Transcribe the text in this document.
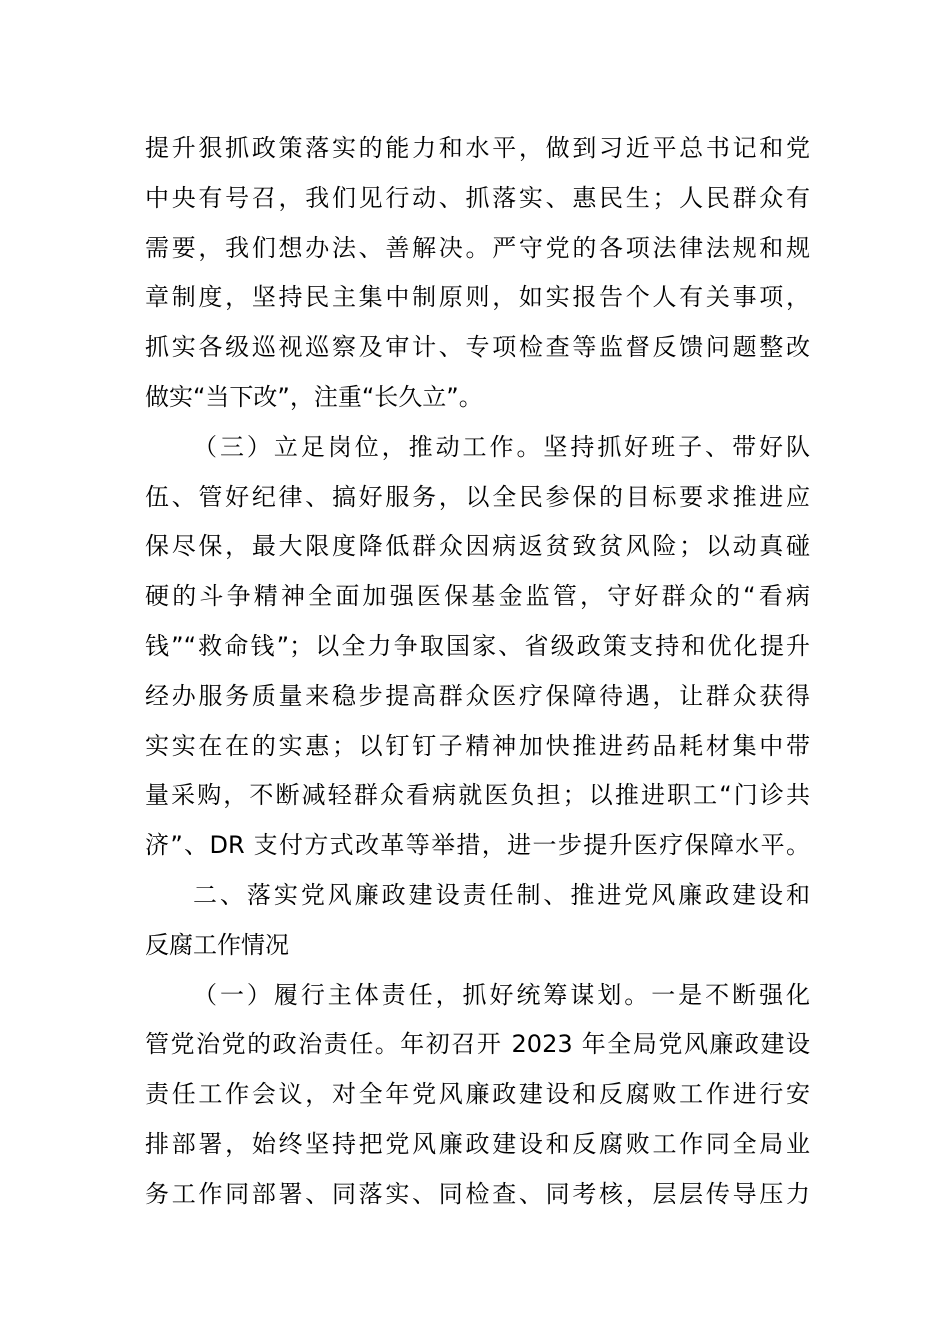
提升狠抓政策落实的能力和水平，做到习近平总书记和党
中央有号召，我们见行动、抓落实、惠民生；人民群众有
需要，我们想办法、善解决。严守党的各项法律法规和规
章制度，坚持民主集中制原则，如实报告个人有关事项，
抓实各级巡视巡察及审计、专项检查等监督反馈问题整改
做实“当下改”，注重“长久立”。
（三）立足岗位，推动工作。坚持抓好班子、带好队
伍、管好纪律、搞好服务，以全民参保的目标要求推进应
保尽保，最大限度降低群众因病返贫致贫风险；以动真碰
硬的斗争精神全面加强医保基金监管，守好群众的“看病
钱”“救命钱”；以全力争取国家、省级政策支持和优化提升
经办服务质量来稳步提高群众医疗保障待遇，让群众获得
实实在在的实惠；以钉钉子精神加快推进药品耗材集中带
量采购，不断减轻群众看病就医负担；以推进职工“门诊共
济”、DR 支付方式改革等举措，进一步提升医疗保障水平。
二、落实党风廉政建设责任制、推进党风廉政建设和
反腐工作情况
（一）履行主体责任，抓好统筹谋划。一是不断强化
管党治党的政治责任。年初召开 2023 年全局党风廉政建设
责任工作会议，对全年党风廉政建设和反腐败工作进行安
排部署，始终坚持把党风廉政建设和反腐败工作同全局业
务工作同部署、同落实、同检查、同考核，层层传导压力
